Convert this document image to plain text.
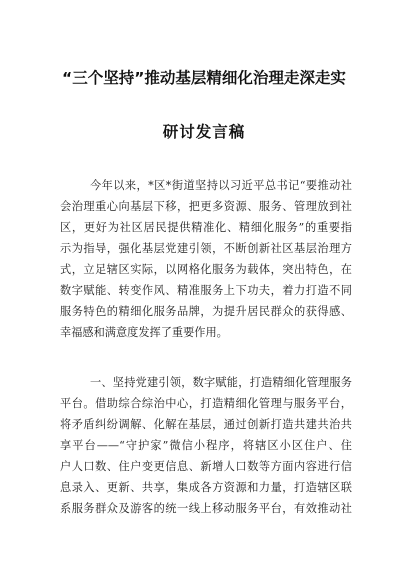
“三个坚持”推动基层精细化治理走深走实
研讨发言稿
今年以来，*区*街道坚持以习近平总书记“要推动社
会治理重心向基层下移，把更多资源、服务、管理放到社
区，更好为社区居民提供精准化、精细化服务”的重要指
示为指导，强化基层党建引领，不断创新社区基层治理方
式，立足辖区实际，以网格化服务为载体，突出特色，在
数字赋能、转变作风、精准服务上下功夫，着力打造不同
服务特色的精细化服务品牌，为提升居民群众的获得感、
幸福感和满意度发挥了重要作用。
一、坚持党建引领，数字赋能，打造精细化管理服务
平台。借助综合综治中心，打造精细化管理与服务平台，
将矛盾纠纷调解、化解在基层，通过创新打造共建共治共
享平台——“守护家”微信小程序，将辖区小区住户、住
户人口数、住户变更信息、新增人口数等方面内容进行信
息录入、更新、共享，集成各方资源和力量，打造辖区联
系服务群众及游客的统一线上移动服务平台，有效推动社
